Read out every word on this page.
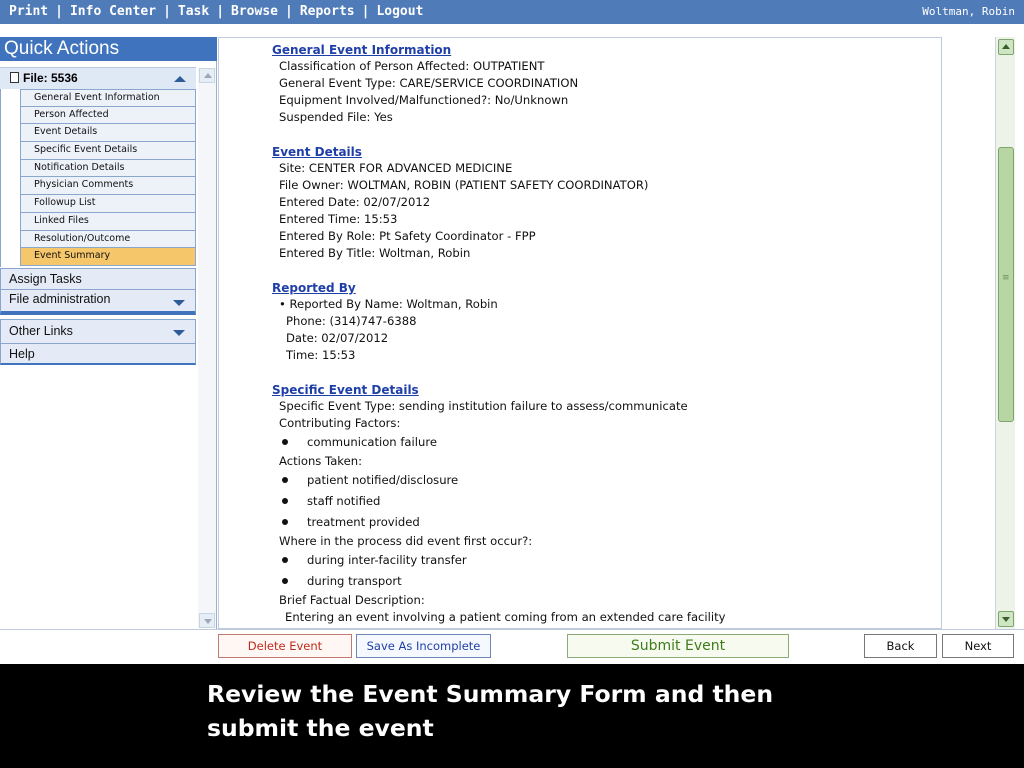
Print | Info Center | Task | Browse | Reports | Logout	Woltman, Robin
Quick Actions
File: 5536
General Event Information
Person Affected
Event Details
Specific Event Details
Notification Details
Physician Comments
Followup List
Linked Files
Resolution/Outcome
Event Summary
Assign Tasks
File administration
Other Links
Help
General Event Information
Classification of Person Affected: OUTPATIENT
General Event Type: CARE/SERVICE COORDINATION
Equipment Involved/Malfunctioned?: No/Unknown
Suspended File: Yes
Event Details
Site: CENTER FOR ADVANCED MEDICINE
File Owner: WOLTMAN, ROBIN (PATIENT SAFETY COORDINATOR)
Entered Date: 02/07/2012
Entered Time: 15:53
Entered By Role: Pt Safety Coordinator - FPP
Entered By Title: Woltman, Robin
Reported By
• Reported By Name: Woltman, Robin
Phone: (314)747-6388
Date: 02/07/2012
Time: 15:53
Specific Event Details
Specific Event Type: sending institution failure to assess/communicate
Contributing Factors:
communication failure
Actions Taken:
patient notified/disclosure
staff notified
treatment provided
Where in the process did event first occur?:
during inter-facility transfer
during transport
Brief Factual Description:
Entering an event involving a patient coming from an extended care facility
≡
Delete Event	Save As Incomplete	Submit Event	Back	Next
Review the Event Summary Form and then submit the event
